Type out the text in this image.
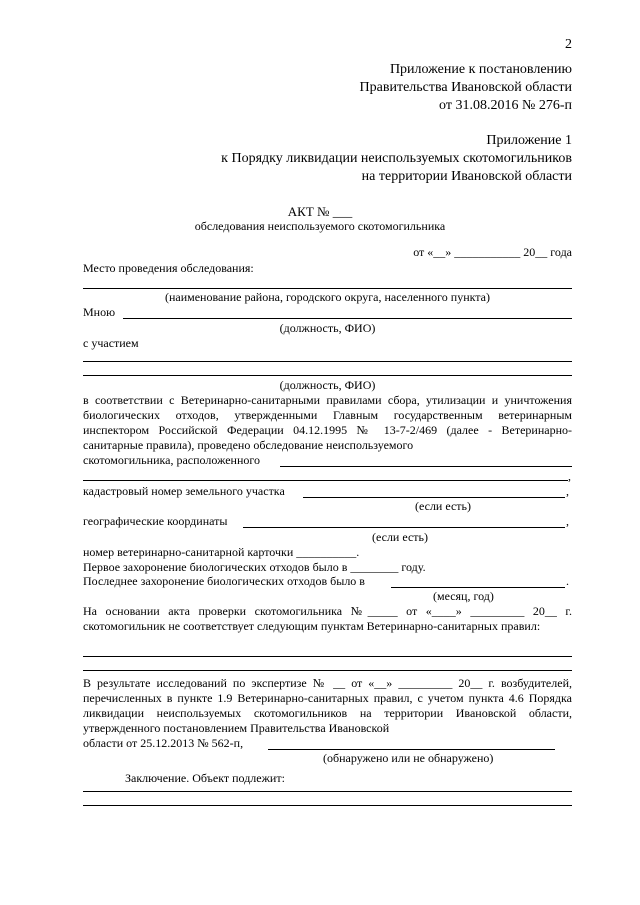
2
Приложение к постановлению
Правительства Ивановской области
от 31.08.2016 № 276-п
Приложение 1
к Порядку ликвидации неиспользуемых скотомогильников
на территории Ивановской области
АКТ № ___
обследования неиспользуемого скотомогильника
от «__» ___________ 20__ года
Место проведения обследования:
(наименование района, городского округа, населенного пункта)
Мною
(должность, ФИО)
с участием
(должность, ФИО)
в соответствии с Ветеринарно-санитарными правилами сбора, утилизации и уничтожения биологических отходов, утвержденными Главным государственным ветеринарным инспектором Российской Федерации 04.12.1995 № 13-7-2/469 (далее - Ветеринарно-санитарные правила), проведено обследование неиспользуемого
скотомогильника, расположенного
,
кадастровый номер земельного участка	,
(если есть)
географические координаты	,
(если есть)
номер ветеринарно-санитарной карточки __________.
Первое захоронение биологических отходов было в ________ году.
Последнее захоронение биологических отходов было в	.
(месяц, год)
На основании акта проверки скотомогильника №_____ от «____» _________ 20__ г. скотомогильник не соответствует следующим пунктам Ветеринарно-санитарных правил:
В результате исследований по экспертизе № __ от «__» _________ 20__ г. возбудителей, перечисленных в пункте 1.9 Ветеринарно-санитарных правил, с учетом пункта 4.6 Порядка ликвидации неиспользуемых скотомогильников на территории Ивановской области, утвержденного постановлением Правительства Ивановской
области от 25.12.2013 № 562-п,
(обнаружено или не обнаружено)
Заключение. Объект подлежит:
